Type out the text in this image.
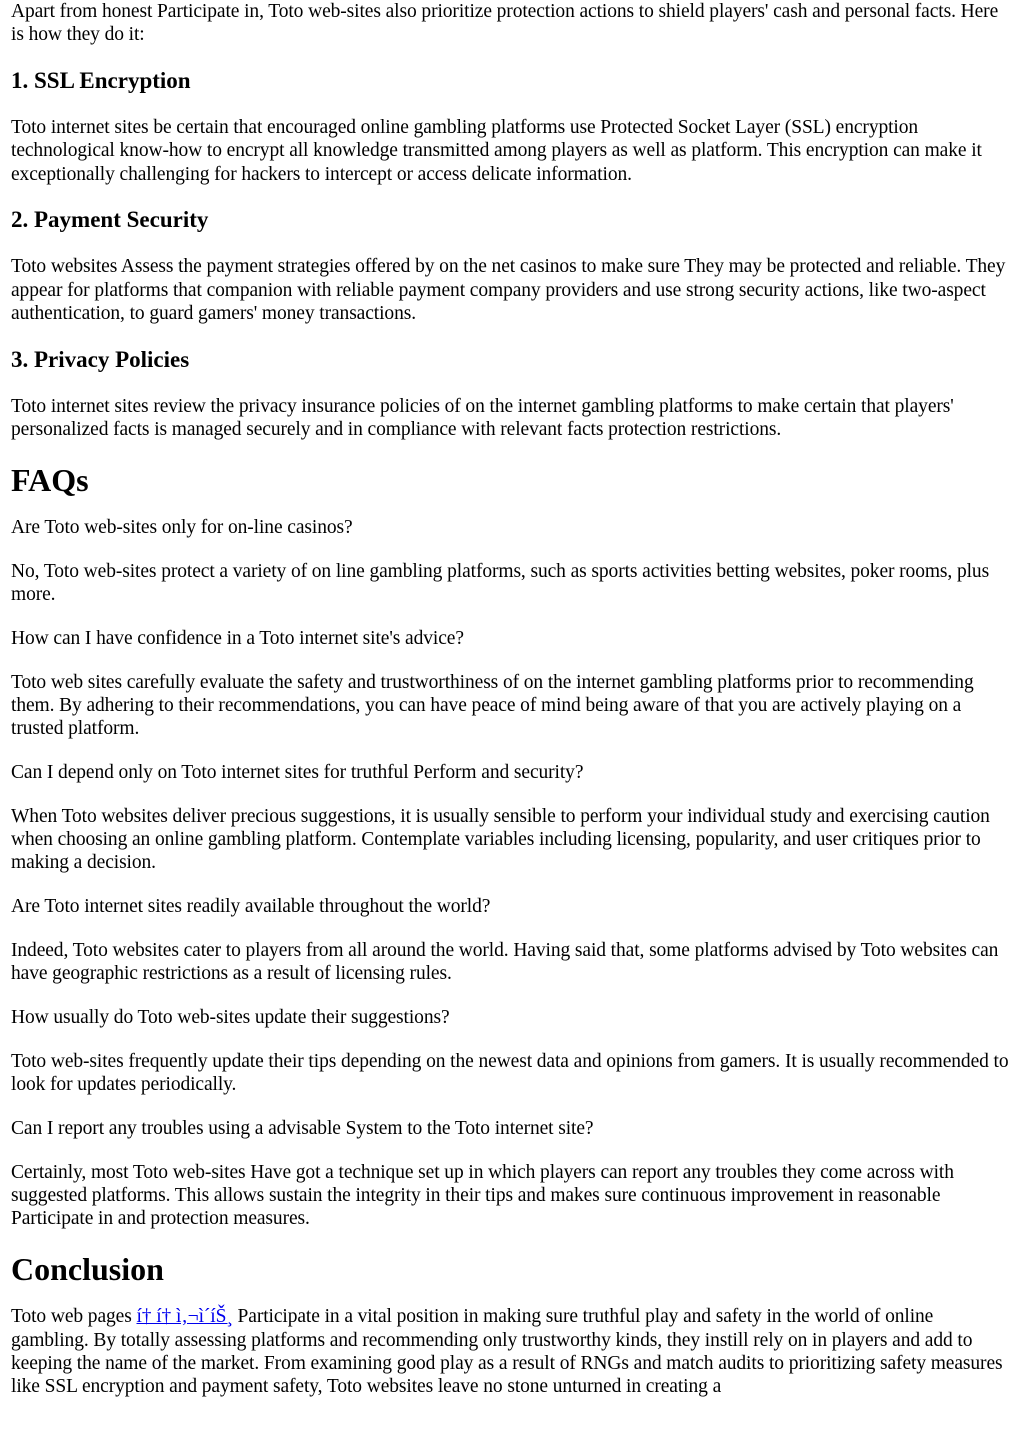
Apart from honest Participate in, Toto web-sites also prioritize protection actions to shield players' cash and personal facts. Here is how they do it:

1. SSL Encryption

Toto internet sites be certain that encouraged online gambling platforms use Protected Socket Layer (SSL) encryption technological know-how to encrypt all knowledge transmitted among players as well as platform. This encryption can make it exceptionally challenging for hackers to intercept or access delicate information.

2. Payment Security

Toto websites Assess the payment strategies offered by on the net casinos to make sure They may be protected and reliable. They appear for platforms that companion with reliable payment company providers and use strong security actions, like two-aspect authentication, to guard gamers' money transactions.

3. Privacy Policies

Toto internet sites review the privacy insurance policies of on the internet gambling platforms to make certain that players' personalized facts is managed securely and in compliance with relevant facts protection restrictions.

FAQs

Are Toto web-sites only for on-line casinos?

No, Toto web-sites protect a variety of on line gambling platforms, such as sports activities betting websites, poker rooms, plus more.

How can I have confidence in a Toto internet site's advice?

Toto web sites carefully evaluate the safety and trustworthiness of on the internet gambling platforms prior to recommending them. By adhering to their recommendations, you can have peace of mind being aware of that you are actively playing on a trusted platform.

Can I depend only on Toto internet sites for truthful Perform and security?

When Toto websites deliver precious suggestions, it is usually sensible to perform your individual study and exercising caution when choosing an online gambling platform. Contemplate variables including licensing, popularity, and user critiques prior to making a decision.

Are Toto internet sites readily available throughout the world?

Indeed, Toto websites cater to players from all around the world. Having said that, some platforms advised by Toto websites can have geographic restrictions as a result of licensing rules.

How usually do Toto web-sites update their suggestions?

Toto web-sites frequently update their tips depending on the newest data and opinions from gamers. It is usually recommended to look for updates periodically.

Can I report any troubles using a advisable System to the Toto internet site?

Certainly, most Toto web-sites Have got a technique set up in which players can report any troubles they come across with suggested platforms. This allows sustain the integrity in their tips and makes sure continuous improvement in reasonable Participate in and protection measures.

Conclusion

Toto web pages í† í† ì‚¬ì´íŠ¸ Participate in a vital position in making sure truthful play and safety in the world of online gambling. By totally assessing platforms and recommending only trustworthy kinds, they instill rely on in players and add to keeping the name of the market. From examining good play as a result of RNGs and match audits to prioritizing safety measures like SSL encryption and payment safety, Toto websites leave no stone unturned in creating a
